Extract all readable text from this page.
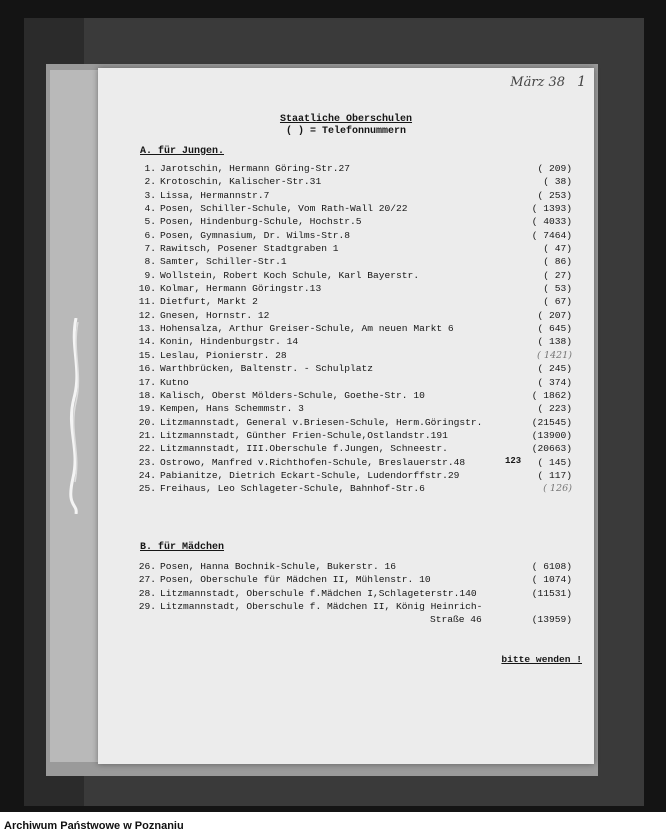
März 38 1
Staatliche Oberschulen
( ) = Telefonnummern
A. für Jungen.
1. Jarotschin, Hermann Göring-Str.27	( 209)
2. Krotoschin, Kalischer-Str.31	( 38)
3. Lissa, Hermannstr.7	( 253)
4. Posen, Schiller-Schule, Vom Rath-Wall 20/22	( 1393)
5. Posen, Hindenburg-Schule, Hochstr.5	( 4033)
6. Posen, Gymnasium, Dr. Wilms-Str.8	( 7464)
7. Rawitsch, Posener Stadtgraben 1	( 47)
8. Samter, Schiller-Str.1	( 86)
9. Wollstein, Robert Koch Schule, Karl Bayerstr.	( 27)
10. Kolmar, Hermann Göringstr.13	( 53)
11. Dietfurt, Markt 2	( 67)
12. Gnesen, Hornstr. 12	( 207)
13. Hohensalza, Arthur Greiser-Schule, Am neuen Markt 6	( 645)
14. Konin, Hindenburgstr. 14	( 138)
15. Leslau, Pionierstr. 28	( 1421)
16. Warthbrücken, Baltenstr. - Schulplatz	( 245)
17. Kutno	( 374)
18. Kalisch, Oberst Mölders-Schule, Goethe-Str. 10	( 1862)
19. Kempen, Hans Schemmstr. 3	( 223)
20. Litzmannstadt, General v.Briesen-Schule, Herm.Göringstr.	(21545)
21. Litzmannstadt, Günther Frien-Schule,Ostlandstr.191	(13900)
22. Litzmannstadt, III.Oberschule f.Jungen, Schneestr.	(20663)
23. Ostrowo, Manfred v.Richthofen-Schule, Breslauerstr.48	( 145)
24. Pabianitze, Dietrich Eckart-Schule, Ludendorffstr.29	( 117)
25. Freihaus, Leo Schlageter-Schule, Bahnhof-Str.6	( 126)
123
B. für Mädchen
26. Posen, Hanna Bochnik-Schule, Bukerstr. 16	( 6108)
27. Posen, Oberschule für Mädchen II, Mühlenstr. 10	( 1074)
28. Litzmannstadt, Oberschule f.Mädchen I,Schlageterstr.140	(11531)
29. Litzmannstadt, Oberschule f. Mädchen II, König Heinrich-
Straße 46	(13959)
bitte wenden !
Archiwum Państwowe w Poznaniu
